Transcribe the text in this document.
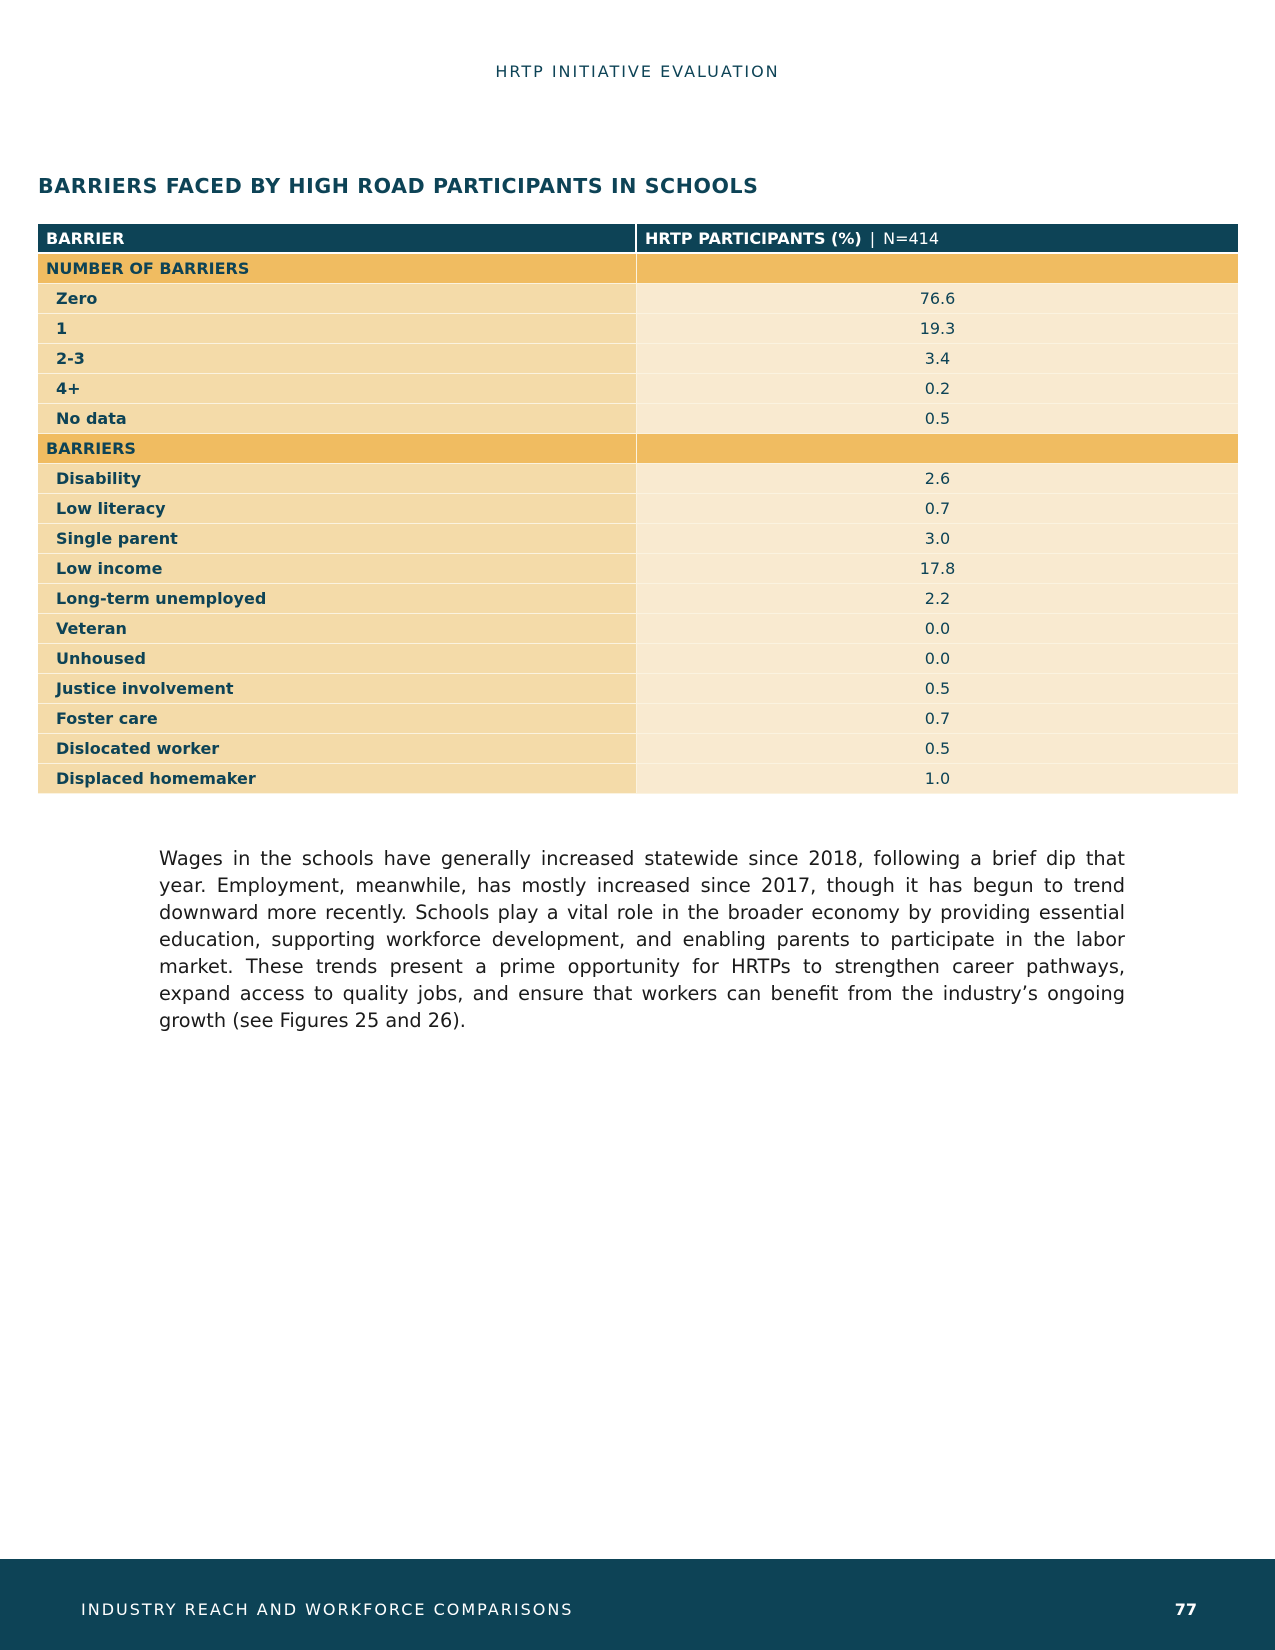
HRTP INITIATIVE EVALUATION
BARRIERS FACED BY HIGH ROAD PARTICIPANTS IN SCHOOLS
BARRIER	HRTP PARTICIPANTS (%) | N=414
NUMBER OF BARRIERS
Zero	76.6
1	19.3
2-3	3.4
4+	0.2
No data	0.5
BARRIERS
Disability	2.6
Low literacy	0.7
Single parent	3.0
Low income	17.8
Long-term unemployed	2.2
Veteran	0.0
Unhoused	0.0
Justice involvement	0.5
Foster care	0.7
Dislocated worker	0.5
Displaced homemaker	1.0

Wages in the schools have generally increased statewide since 2018, following a brief dip that year. Employment, meanwhile, has mostly increased since 2017, though it has begun to trend downward more recently. Schools play a vital role in the broader economy by providing essential education, supporting workforce development, and enabling parents to participate in the labor market. These trends present a prime opportunity for HRTPs to strengthen career pathways, expand access to quality jobs, and ensure that workers can benefit from the industry’s ongoing growth (see Figures 25 and 26).

INDUSTRY REACH AND WORKFORCE COMPARISONS	77
